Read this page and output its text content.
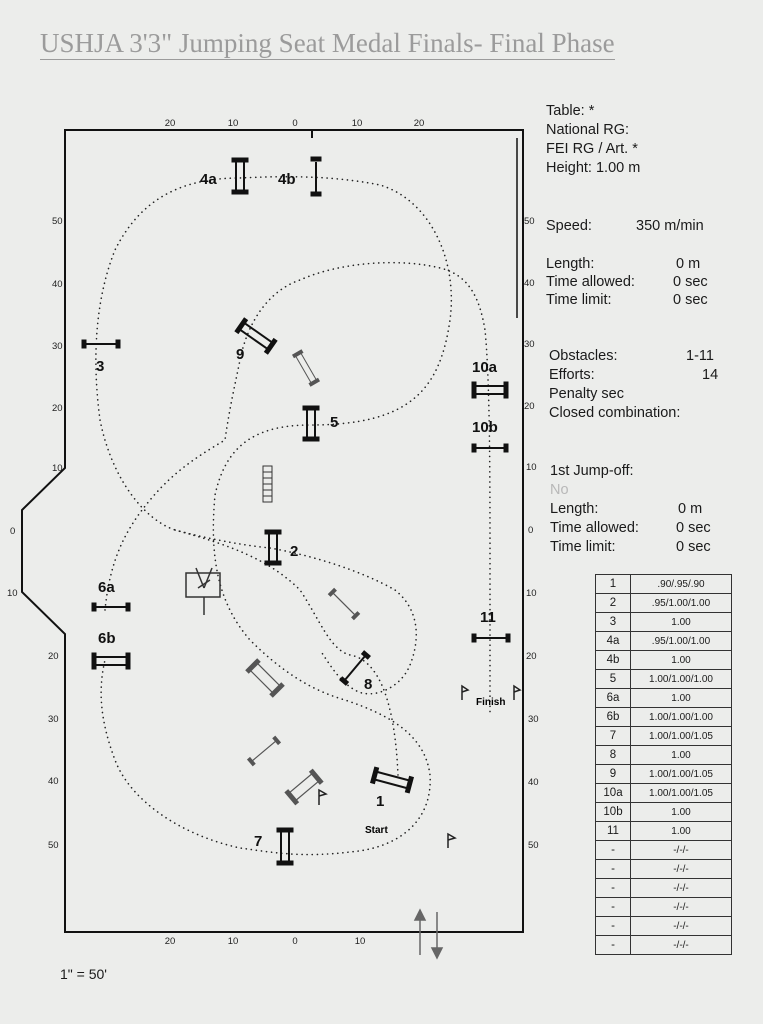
USHJA 3'3" Jumping Seat Medal Finals- Final Phase
20	10	0	10	20
20	10	0	10
50
40
30
20
10
0
10
20
30
40
50
50
40
30
20
10
0
10
20
30
40
50
4a	4b
3
9
10a
5	10b
2
6a
6b
11
8
1
7
Start
Finish
Table: *
National RG:
FEI RG / Art. *
Height: 1.00 m
Speed:	350 m/min
Length:	0 m
Time allowed:	0 sec
Time limit:	0 sec
Obstacles:	1-11
Efforts:	14
Penalty sec
Closed combination:
1st Jump-off:
No
Length:	0 m
Time allowed:	0 sec
Time limit:	0 sec
1	.90/.95/.90
2	.95/1.00/1.00
3	1.00
4a	.95/1.00/1.00
4b	1.00
5	1.00/1.00/1.00
6a	1.00
6b	1.00/1.00/1.00
7	1.00/1.00/1.05
8	1.00
9	1.00/1.00/1.05
10a	1.00/1.00/1.05
10b	1.00
11	1.00
-	-/-/-
-	-/-/-
-	-/-/-
-	-/-/-
-	-/-/-
-	-/-/-
1" = 50'
